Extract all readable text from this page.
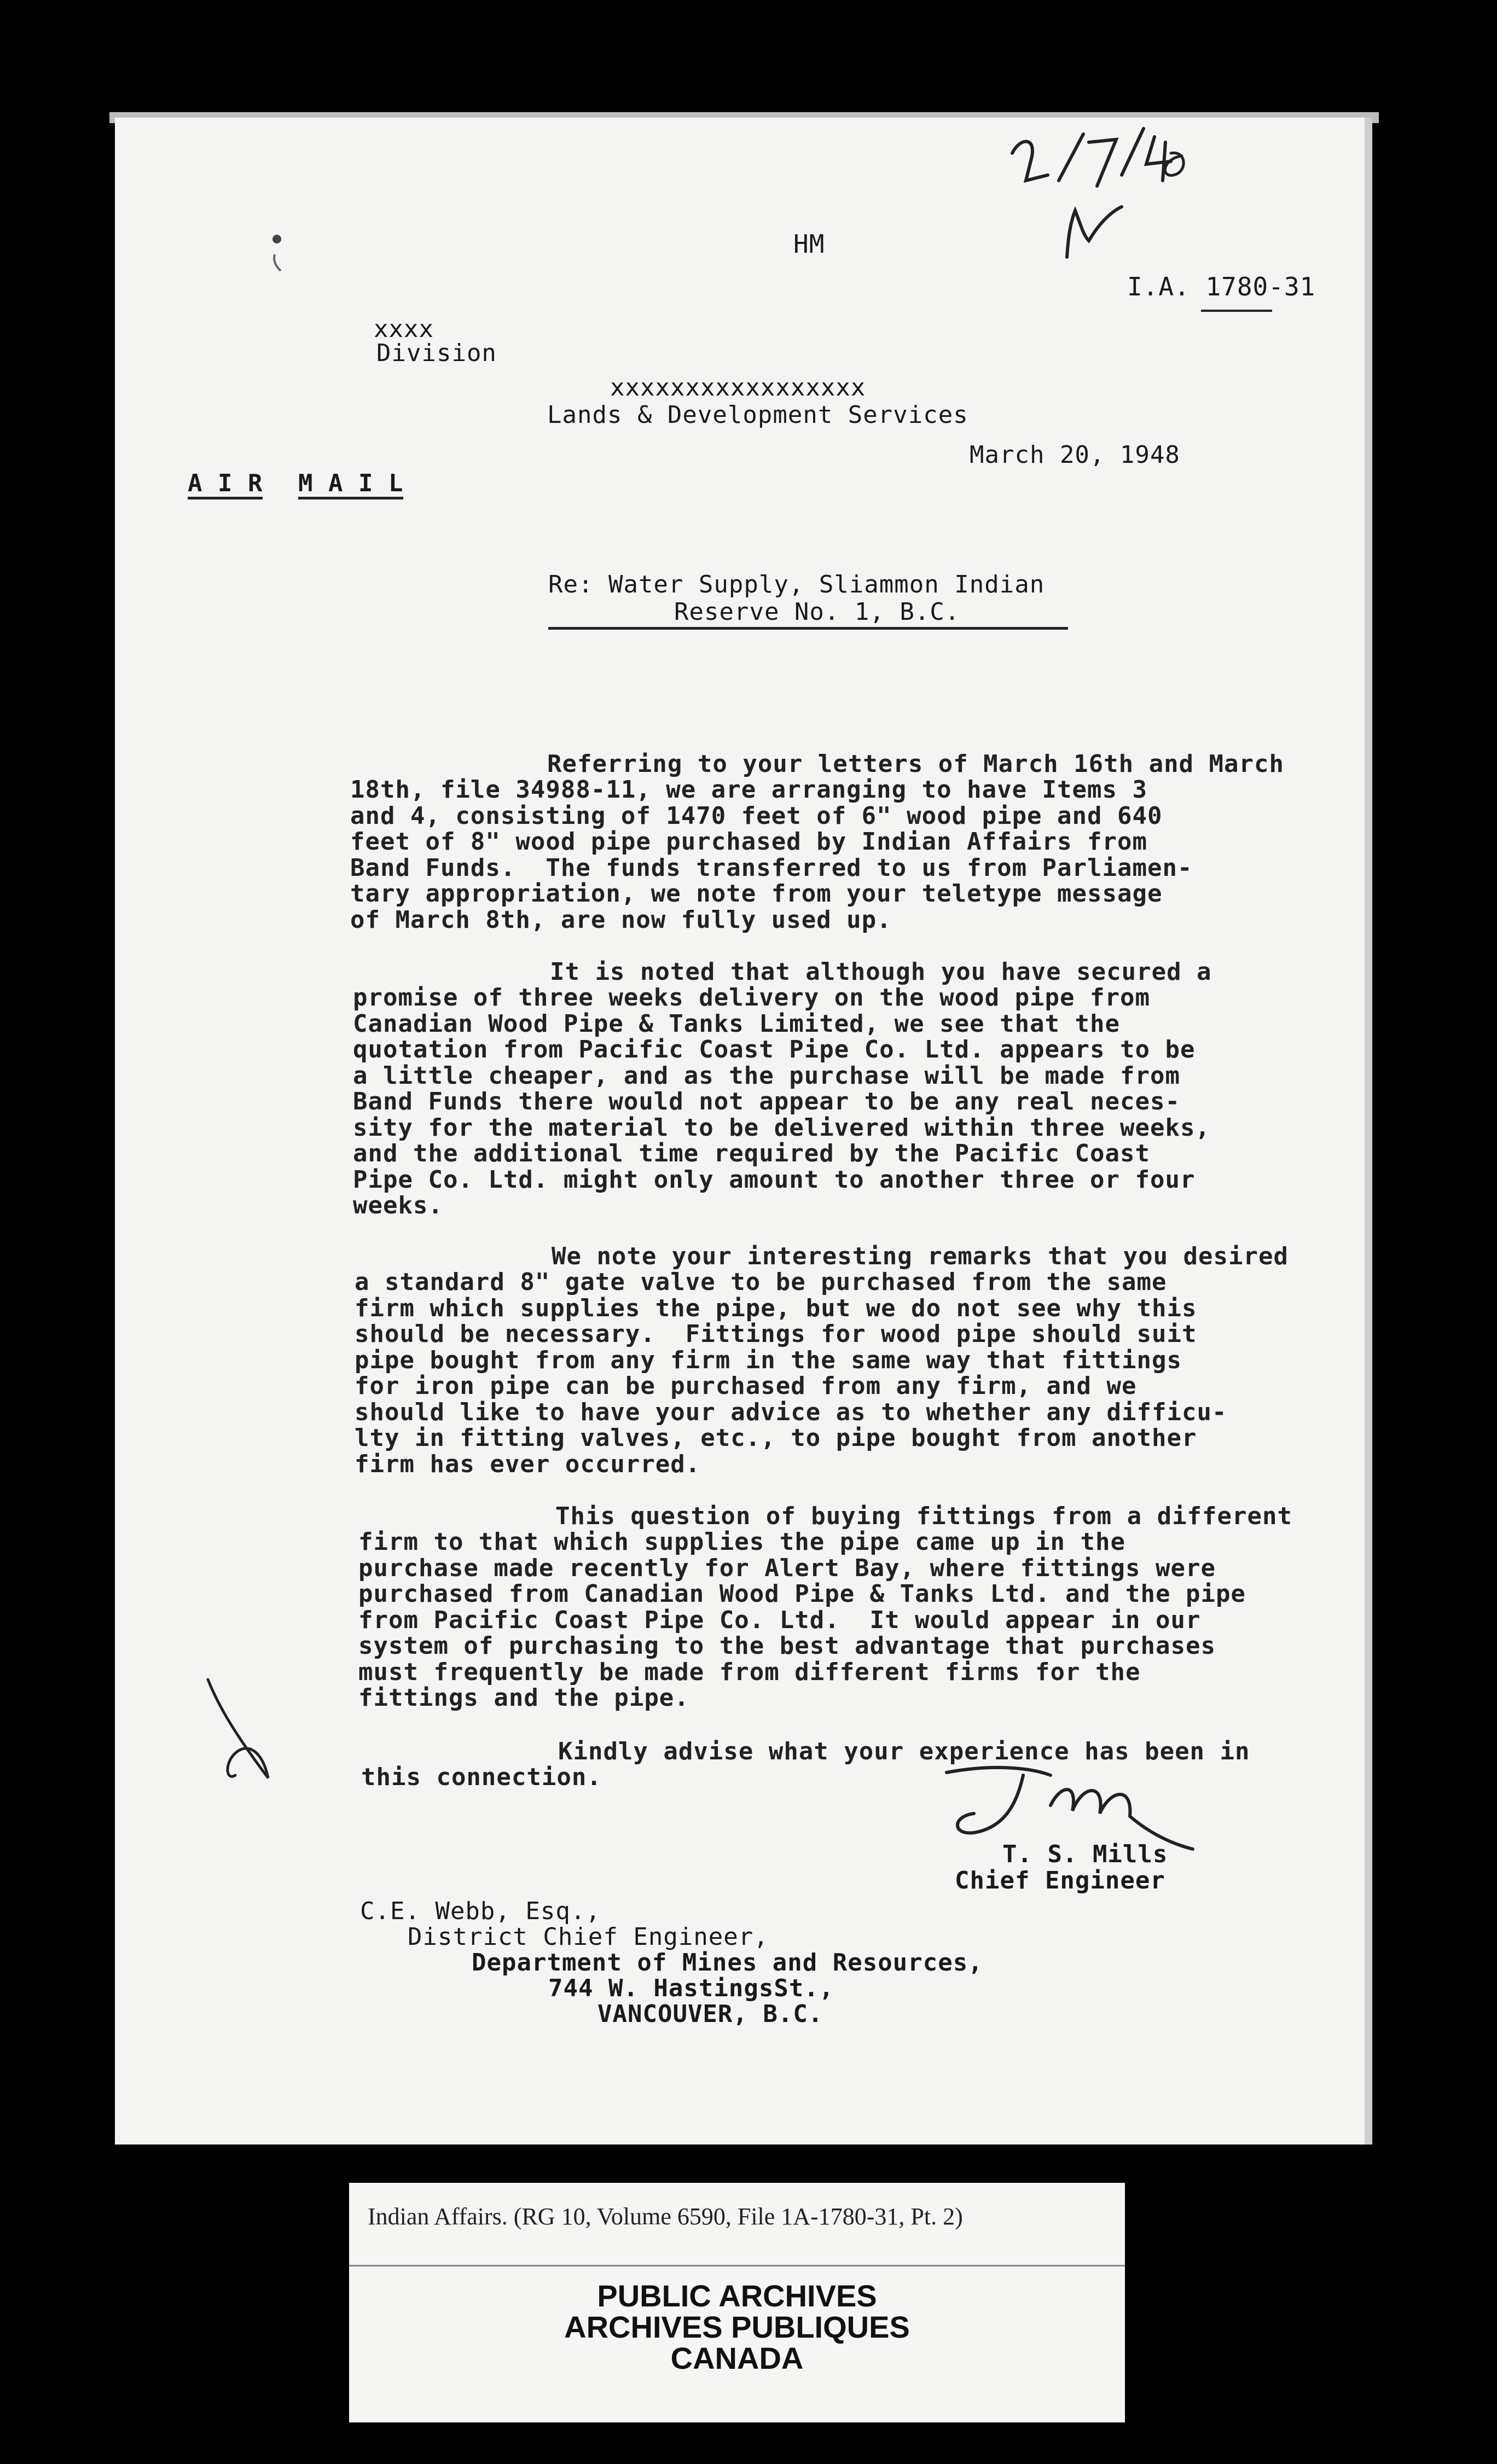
HM
I.A. 1780-31
xxxx
Division
xxxxxxxxxxxxxxxxx
Lands & Development Services
March 20, 1948
A I R M A I L
Re: Water Supply, Sliammon Indian
Reserve No. 1, B.C.

Referring to your letters of March 16th and March
18th, file 34988-11, we are arranging to have Items 3
and 4, consisting of 1470 feet of 6" wood pipe and 640
feet of 8" wood pipe purchased by Indian Affairs from
Band Funds.  The funds transferred to us from Parliamen-
tary appropriation, we note from your teletype message
of March 8th, are now fully used up.

It is noted that although you have secured a
promise of three weeks delivery on the wood pipe from
Canadian Wood Pipe & Tanks Limited, we see that the
quotation from Pacific Coast Pipe Co. Ltd. appears to be
a little cheaper, and as the purchase will be made from
Band Funds there would not appear to be any real neces-
sity for the material to be delivered within three weeks,
and the additional time required by the Pacific Coast
Pipe Co. Ltd. might only amount to another three or four
weeks.

We note your interesting remarks that you desired
a standard 8" gate valve to be purchased from the same
firm which supplies the pipe, but we do not see why this
should be necessary.  Fittings for wood pipe should suit
pipe bought from any firm in the same way that fittings
for iron pipe can be purchased from any firm, and we
should like to have your advice as to whether any difficu-
lty in fitting valves, etc., to pipe bought from another
firm has ever occurred.

This question of buying fittings from a different
firm to that which supplies the pipe came up in the
purchase made recently for Alert Bay, where fittings were
purchased from Canadian Wood Pipe & Tanks Ltd. and the pipe
from Pacific Coast Pipe Co. Ltd.  It would appear in our
system of purchasing to the best advantage that purchases
must frequently be made from different firms for the
fittings and the pipe.

Kindly advise what your experience has been in
this connection.

T. S. Mills
Chief Engineer
C.E. Webb, Esq.,
District Chief Engineer,
Department of Mines and Resources,
744 W. HastingsSt.,
VANCOUVER, B.C.
Indian Affairs. (RG 10, Volume 6590, File 1A-1780-31, Pt. 2)
PUBLIC ARCHIVES
ARCHIVES PUBLIQUES
CANADA
